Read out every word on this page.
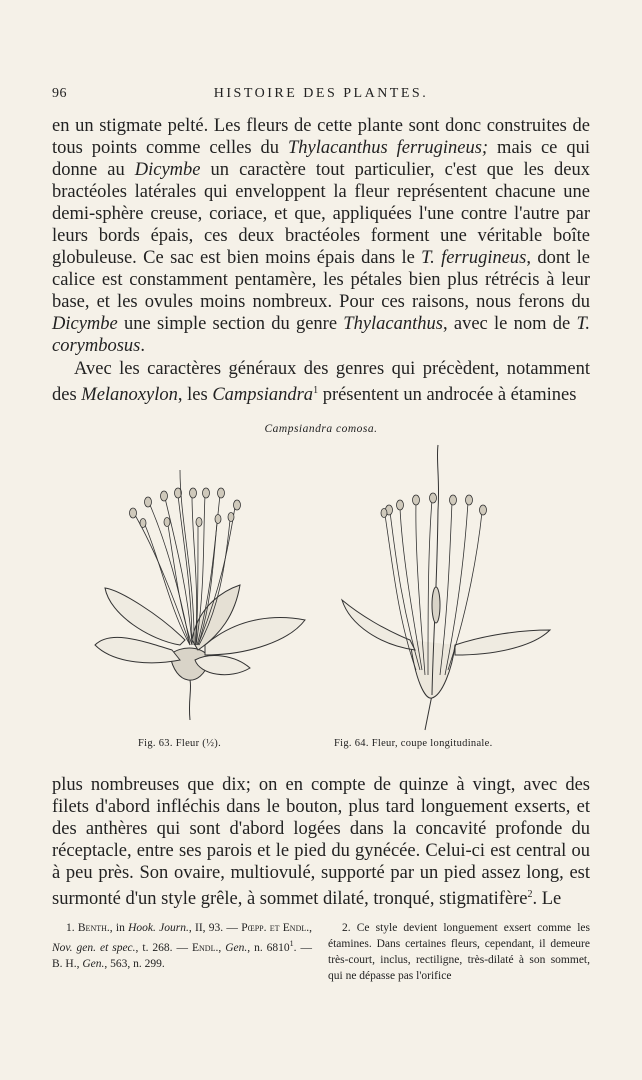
96	HISTOIRE DES PLANTES.

en un stigmate pelté. Les fleurs de cette plante sont donc construites de tous points comme celles du Thylacanthus ferrugineus; mais ce qui donne au Dicymbe un caractère tout particulier, c'est que les deux bractéoles latérales qui enveloppent la fleur représentent chacune une demi-sphère creuse, coriace, et que, appliquées l'une contre l'autre par leurs bords épais, ces deux bractéoles forment une véritable boîte globuleuse. Ce sac est bien moins épais dans le T. ferrugineus, dont le calice est constamment pentamère, les pétales bien plus rétrécis à leur base, et les ovules moins nombreux. Pour ces raisons, nous ferons du Dicymbe une simple section du genre Thylacanthus, avec le nom de T. corymbosus.

Avec les caractères généraux des genres qui précèdent, notamment des Melanoxylon, les Campsiandra$^1$ présentent un androcée à étamines

Campsiandra comosa.
Fig. 63. Fleur (½).	Fig. 64. Fleur, coupe longitudinale.

plus nombreuses que dix; on en compte de quinze à vingt, avec des filets d'abord infléchis dans le bouton, plus tard longuement exserts, et des anthères qui sont d'abord logées dans la concavité profonde du réceptacle, entre ses parois et le pied du gynécée. Celui-ci est central ou à peu près. Son ovaire, multiovulé, supporté par un pied assez long, est surmonté d'un style grêle, à sommet dilaté, tronqué, stigmatifère$^2$. Le

1. Benth., in Hook. Journ., II, 93. — Pœpp. et Endl., Nov. gen. et spec., t. 268. — Endl., Gen., n. 6810$^1$. — B. H., Gen., 563, n. 299.

2. Ce style devient longuement exsert comme les étamines. Dans certaines fleurs, cependant, il demeure très-court, inclus, rectiligne, très-dilaté à son sommet, qui ne dépasse pas l'orifice
